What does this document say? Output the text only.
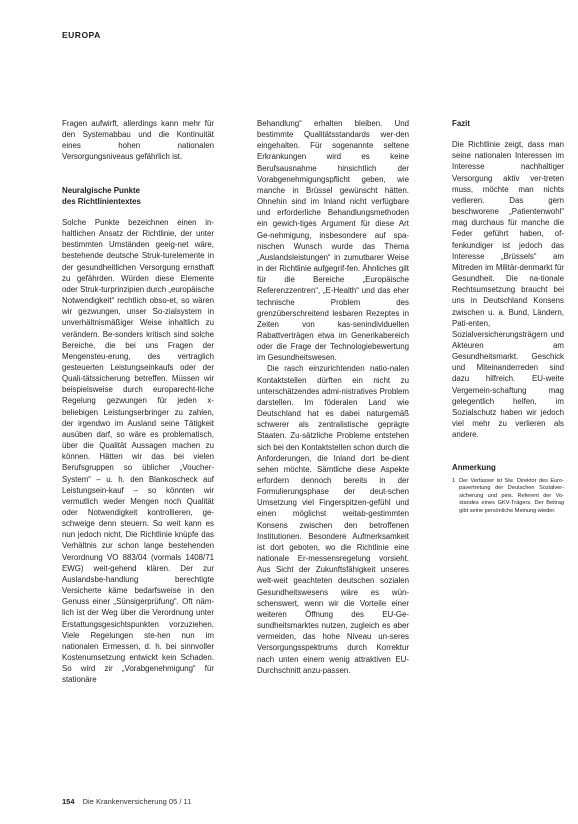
EUROPA

Fragen aufwirft, allerdings kann mehr für den Systemabbau und die Kontinuität eines hohen nationalen Versorgungsniveaus gefährlich ist.

Neuralgische Punkte
des Richtlinientextes

Solche Punkte bezeichnen einen in-haltlichen Ansatz der Richtlinie, der unter bestimmten Umständen geeig-net wäre, bestehende deutsche Struk-turelemente in der gesundheitlichen Versorgung ernsthaft zu gefährden. Würden diese Elemente oder Struk-turprinzipien durch „europäische Notwendigkeit“ rechtlich obso-et, so wären wir gezwungen, unser So-zialsystem in unverhältnismäßiger Weise inhaltlich zu verändern. Be-sonders kritisch sind solche Bereiche, die bei uns Fragen der Mengensteu-erung, des vertraglich gesteuerten Leistungseinkaufs oder der Quali-tätssicherung betreffen. Müssen wir beispielsweise durch europarecht-liche Regelung gezwungen für jeden x-beliebigen Leistungserbringer zu zahlen, der irgendwo im Ausland seine Tätigkeit ausüben darf, so wäre es problematisch, über die Qualität Aussagen machen zu können. Hätten wir das bei vielen Berufsgruppen so üblicher „Voucher-System“ – u. h. den Blankoscheck auf Leistungsein-kauf – so könnten wir vermutlich weder Mengen noch Qualität oder Notwendigkeit kontrollieren, ge-schweige denn steuern. So weit kann es nun jedoch nicht, Die Richtlinie knüpfe das Verhältnis zur schon lange bestehenden Verordnung VO 883/04 (vormals 1408/71 EWG) weit-gehend klären. Der zur Auslandsbe-handlung berechtigte Versicherte käme bedarfsweise in den Genuss einer „Sünsigerprüfung“. Oft näm-lich ist der Weg über die Verordnung unter Erstattungsgesichtspunkten vorzuziehen. Viele Regelungen ste-hen nun im nationalen Ermessen, d. h. bei sinnvoller Kostenumsetzung entwickt kein Schaden. So wird zir „Vorabgenehmigung“ für stationäre

Behandlung“ erhalten bleiben. Und bestimmte Qualitätsstandards wer-den eingehalten. Für sogenannte seltene Erkrankungen wird es keine Berufsausnahme hinsichtlich der Vorabgenehmigungspflicht geben, wie manche in Brüssel gewünscht hätten. Ohnehin sind im Inland nicht verfügbare und erforderliche Behandlungsmethoden ein gewich-tiges Argument für diese Art Ge-nehmigung, insbesondere auf spa-nischen Wunsch wurde das Thema „Auslandsleistungen“ in zumutbarer Weise in der Richtlinie aufgegrif-fen. Ähnliches gilt für die Bereiche „Europäische Referenzzentren“, „E-Health“ und das eher technische Problem des grenzüberschreitend lesbaren Rezeptes in Zeiten von kas-senindividuellen Rabattverträgen etwa im Generikabereich oder die Frage der Technologiebewertung im Gesundheitswesen.

Die rasch einzurichtenden natio-nalen Kontaktstellen dürften ein nicht zu unterschätzendes admi-nistratives Problem darstellen. Im föderalen Land wie Deutschland hat es dabei naturgemäß schwerer als zentralistische geprägte Staaten. Zu-sätzliche Probleme entstehen sich bei den Kontaktstellen schon durch die Anforderungen, die Inland dort be-dient sehen möchte. Sämtliche diese Aspekte erfordern dennoch bereits in der Formulierungsphase der deut-schen Umsetzung viel Fingerspitzen-gefühl und einen möglichst weitab-gestimmten Konsens zwischen den betroffenen Institutionen. Besondere Aufmerksamkeit ist dort geboten, wo die Richtlinie eine nationale Er-messensregelung vorsieht. Aus Sicht der Zukunftsfähigkeit unseres welt-weit geachteten deutschen sozialen Gesundheitswesens wäre es wün-schenswert, wenn wir die Vorteile einer weiteren Öffnung des EU-Ge-sundheitsmarktes nutzen, zugleich es aber vermeiden, das hohe Niveau un-seres Versorgungsspektrums durch Korrektur nach unten einem wenig attraktiven EU-Durchschnitt anzu-passen.

Fazit

Die Richtlinie zeigt, dass man seine nationalen Interessen im Interesse nachhaltiger Versorgung aktiv ver-treten muss, möchte man nichts verlieren. Das gern beschworene „Patientenwohl“ mag durchaus für manche die Feder geführt haben, of-fenkundiger ist jedoch das Interesse „Brüssels“ am Mitreden im Militär-denmarkt für Gesundheit. Die na-tionale Rechtsumsetzung braucht bei uns in Deutschland Konsens zwischen u. a. Bund, Ländern, Pati-enten, Sozialversicherungsträgern und Akteuren am Gesundheitsmarkt. Geschick und Miteinanderreden sind dazu hilfreich. EU-weite Vergemein-schaftung mag gelegentlich helfen, im Sozialschutz haben wir jedoch viel mehr zu verlieren als andere.

Anmerkung
1 Der Verfasser ist Ste. Direktor des Euro-pavertretung der Deutschen Sozialver-sicherung und peis. Referent der Vo-standes eines GKV-Trägers. Der Beitrag gibt seine persönliche Meinung wieder.
154 Die Krankenversicherung 05 / 11
